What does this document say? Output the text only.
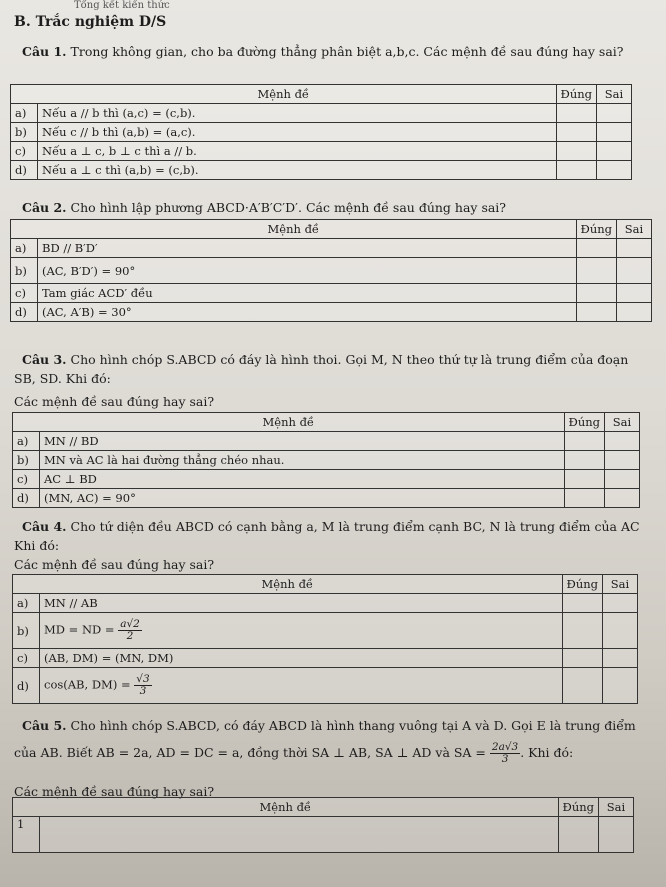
Tổng kết kiến thức
B. Trắc nghiệm D/S
Câu 1. Trong không gian, cho ba đường thẳng phân biệt a,b,c. Các mệnh đề sau đúng hay sai?
Mệnh đề		Đúng	Sai
a)	Nếu a // b thì (a,c) = (c,b).		
b)	Nếu c // b thì (a,b) = (a,c).		
c)	Nếu a ⊥ c, b ⊥ c thì a // b.		
d)	Nếu a ⊥ c thì (a,b) = (c,b).		
Câu 2. Cho hình lập phương ABCD·A′B′C′D′. Các mệnh đề sau đúng hay sai?
Mệnh đề		Đúng	Sai
a)	BD // B′D′		
b)	(AC, B′D′) = 90°		
c)	Tam giác ACD′ đều		
d)	(AC, A′B) = 30°		
Câu 3. Cho hình chóp S.ABCD có đáy là hình thoi. Gọi M, N theo thứ tự là trung điểm của đoạn
SB, SD. Khi đó:
Các mệnh đề sau đúng hay sai?
Mệnh đề		Đúng	Sai
a)	MN // BD		
b)	MN và AC là hai đường thẳng chéo nhau.		
c)	AC ⊥ BD		
d)	(MN, AC) = 90°		
Câu 4. Cho tứ diện đều ABCD có cạnh bằng a, M là trung điểm cạnh BC, N là trung điểm của AC
Khi đó:
Các mệnh đề sau đúng hay sai?
Mệnh đề		Đúng	Sai
a)	MN // AB		
b)	MD = ND = $\frac{a√2}{2}$

c)	(AB, DM) = (MN, DM)		
d)	cos(AB, $DM) = \frac{√3}{3}$

Câu 5. Cho hình chóp S.ABCD, có đáy ABCD là hình thang vuông tại A và D. Gọi E là trung điểm
của AB. Biết AB = 2a, AD = DC = a, đồng thời SA ⊥ AB, SA ⊥ AD và SA = $\frac{2a√3}{3}$ . Khi đó:
Các mệnh đề sau đúng hay sai?
Mệnh đề		Đúng	Sai
1			
